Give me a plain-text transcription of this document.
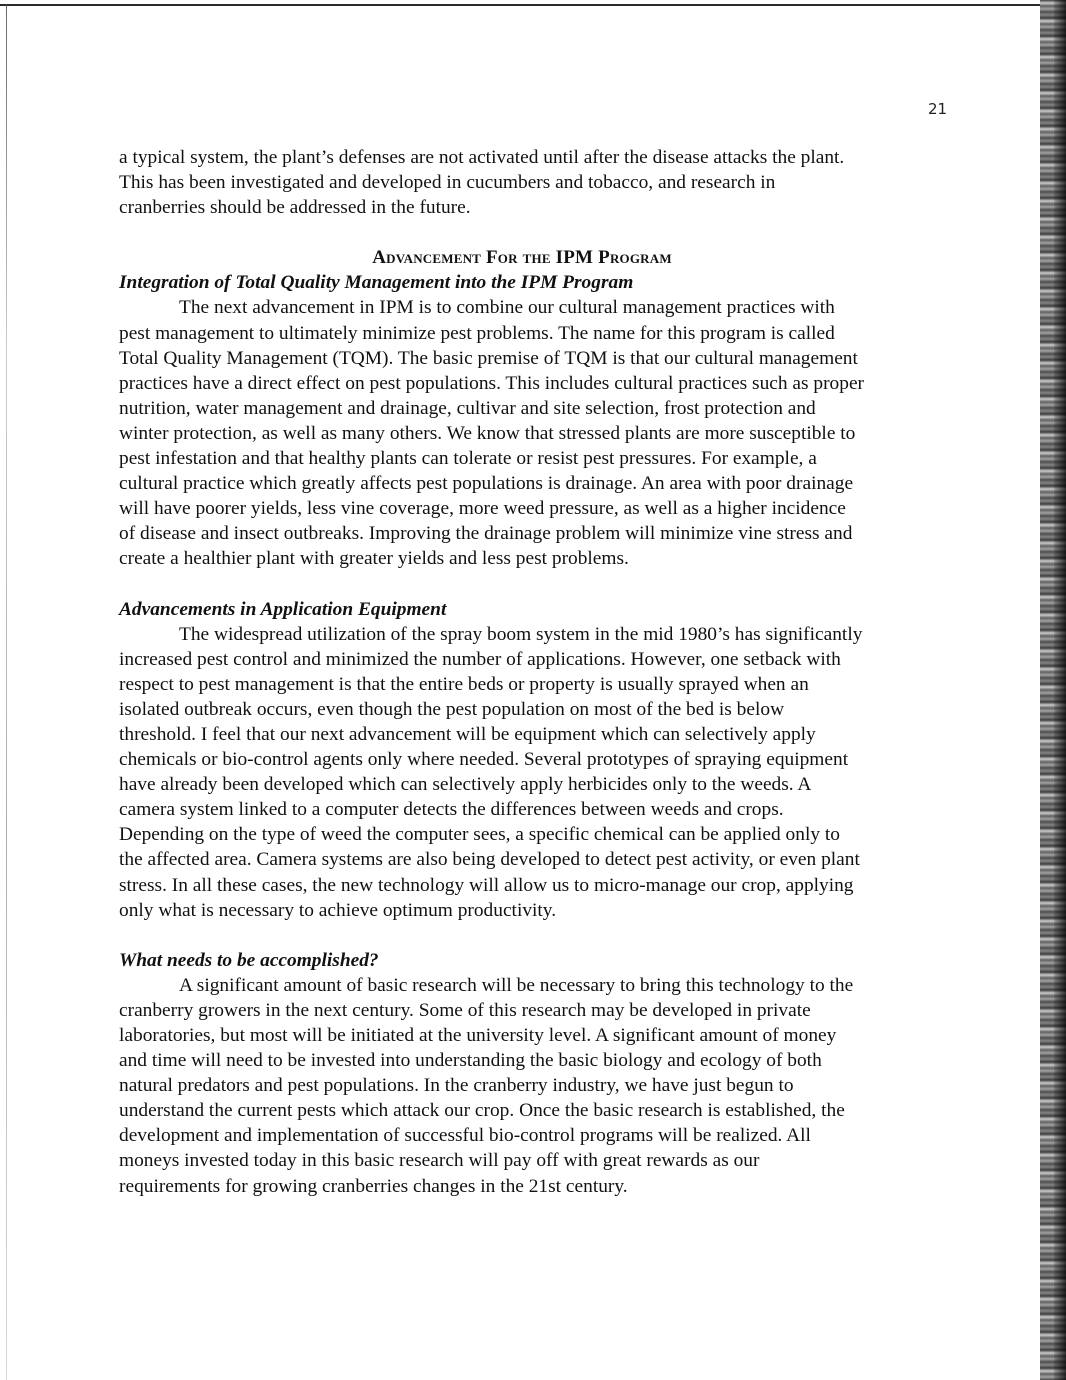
21

a typical system, the plant’s defenses are not activated until after the disease attacks the plant.

This has been investigated and developed in cucumbers and tobacco, and research in

cranberries should be addressed in the future.

Advancement For the IPM Program

Integration of Total Quality Management into the IPM Program

The next advancement in IPM is to combine our cultural management practices with

pest management to ultimately minimize pest problems. The name for this program is called

Total Quality Management (TQM). The basic premise of TQM is that our cultural management

practices have a direct effect on pest populations. This includes cultural practices such as proper

nutrition, water management and drainage, cultivar and site selection, frost protection and

winter protection, as well as many others. We know that stressed plants are more susceptible to

pest infestation and that healthy plants can tolerate or resist pest pressures. For example, a

cultural practice which greatly affects pest populations is drainage. An area with poor drainage

will have poorer yields, less vine coverage, more weed pressure, as well as a higher incidence

of disease and insect outbreaks. Improving the drainage problem will minimize vine stress and

create a healthier plant with greater yields and less pest problems.

Advancements in Application Equipment

The widespread utilization of the spray boom system in the mid 1980’s has significantly

increased pest control and minimized the number of applications. However, one setback with

respect to pest management is that the entire beds or property is usually sprayed when an

isolated outbreak occurs, even though the pest population on most of the bed is below

threshold. I feel that our next advancement will be equipment which can selectively apply

chemicals or bio-control agents only where needed. Several prototypes of spraying equipment

have already been developed which can selectively apply herbicides only to the weeds. A

camera system linked to a computer detects the differences between weeds and crops.

Depending on the type of weed the computer sees, a specific chemical can be applied only to

the affected area. Camera systems are also being developed to detect pest activity, or even plant

stress. In all these cases, the new technology will allow us to micro-manage our crop, applying

only what is necessary to achieve optimum productivity.

What needs to be accomplished?

A significant amount of basic research will be necessary to bring this technology to the

cranberry growers in the next century. Some of this research may be developed in private

laboratories, but most will be initiated at the university level. A significant amount of money

and time will need to be invested into understanding the basic biology and ecology of both

natural predators and pest populations. In the cranberry industry, we have just begun to

understand the current pests which attack our crop. Once the basic research is established, the

development and implementation of successful bio-control programs will be realized. All

moneys invested today in this basic research will pay off with great rewards as our

requirements for growing cranberries changes in the 21st century.
